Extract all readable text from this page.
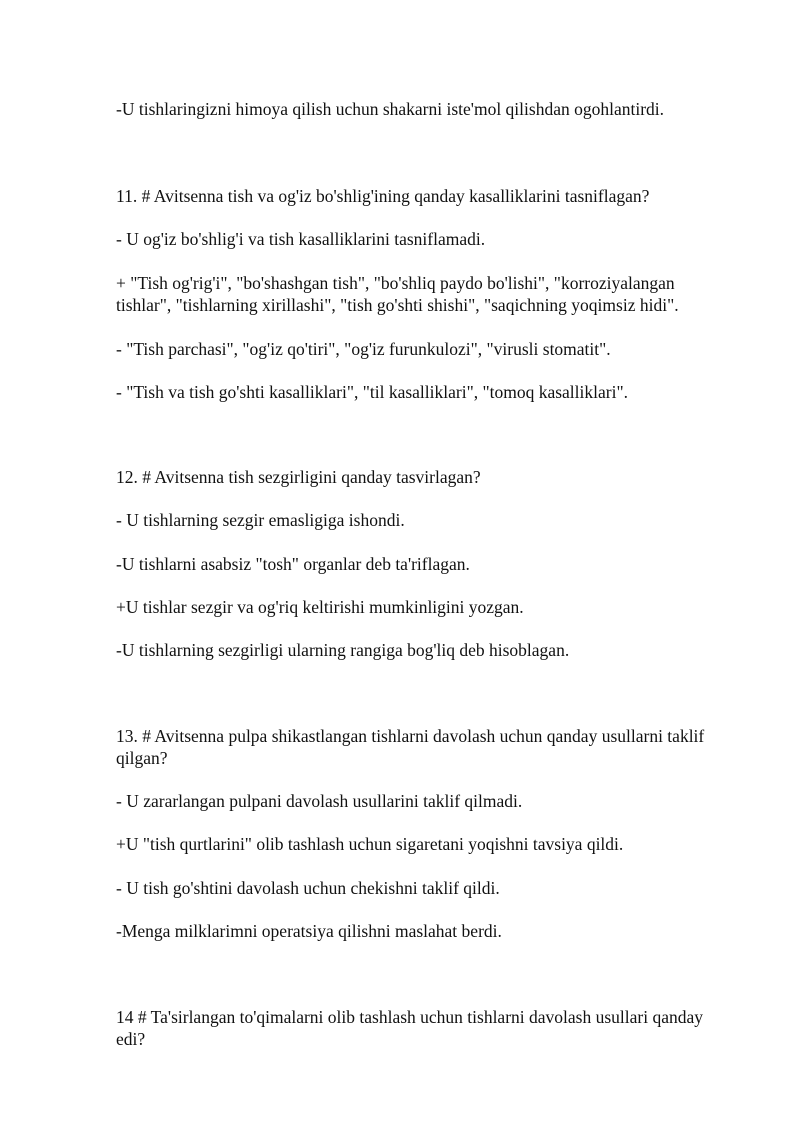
-U tishlaringizni himoya qilish uchun shakarni iste'mol qilishdan ogohlantirdi.

11. # Avitsenna tish va og'iz bo'shlig'ining qanday kasalliklarini tasniflagan?

- U og'iz bo'shlig'i va tish kasalliklarini tasniflamadi.

+ "Tish og'rig'i", "bo'shashgan tish", "bo'shliq paydo bo'lishi", "korroziyalangan tishlar", "tishlarning xirillashi", "tish go'shti shishi", "saqichning yoqimsiz hidi".

- "Tish parchasi", "og'iz qo'tiri", "og'iz furunkulozi", "virusli stomatit".

- "Tish va tish go'shti kasalliklari", "til kasalliklari", "tomoq kasalliklari".

12. # Avitsenna tish sezgirligini qanday tasvirlagan?

- U tishlarning sezgir emasligiga ishondi.

-U tishlarni asabsiz "tosh" organlar deb ta'riflagan.

+U tishlar sezgir va og'riq keltirishi mumkinligini yozgan.

-U tishlarning sezgirligi ularning rangiga bog'liq deb hisoblagan.

13. # Avitsenna pulpa shikastlangan tishlarni davolash uchun qanday usullarni taklif qilgan?

- U zararlangan pulpani davolash usullarini taklif qilmadi.

+U "tish qurtlarini" olib tashlash uchun sigaretani yoqishni tavsiya qildi.

- U tish go'shtini davolash uchun chekishni taklif qildi.

-Menga milklarimni operatsiya qilishni maslahat berdi.

14 # Ta'sirlangan to'qimalarni olib tashlash uchun tishlarni davolash usullari qanday edi?
